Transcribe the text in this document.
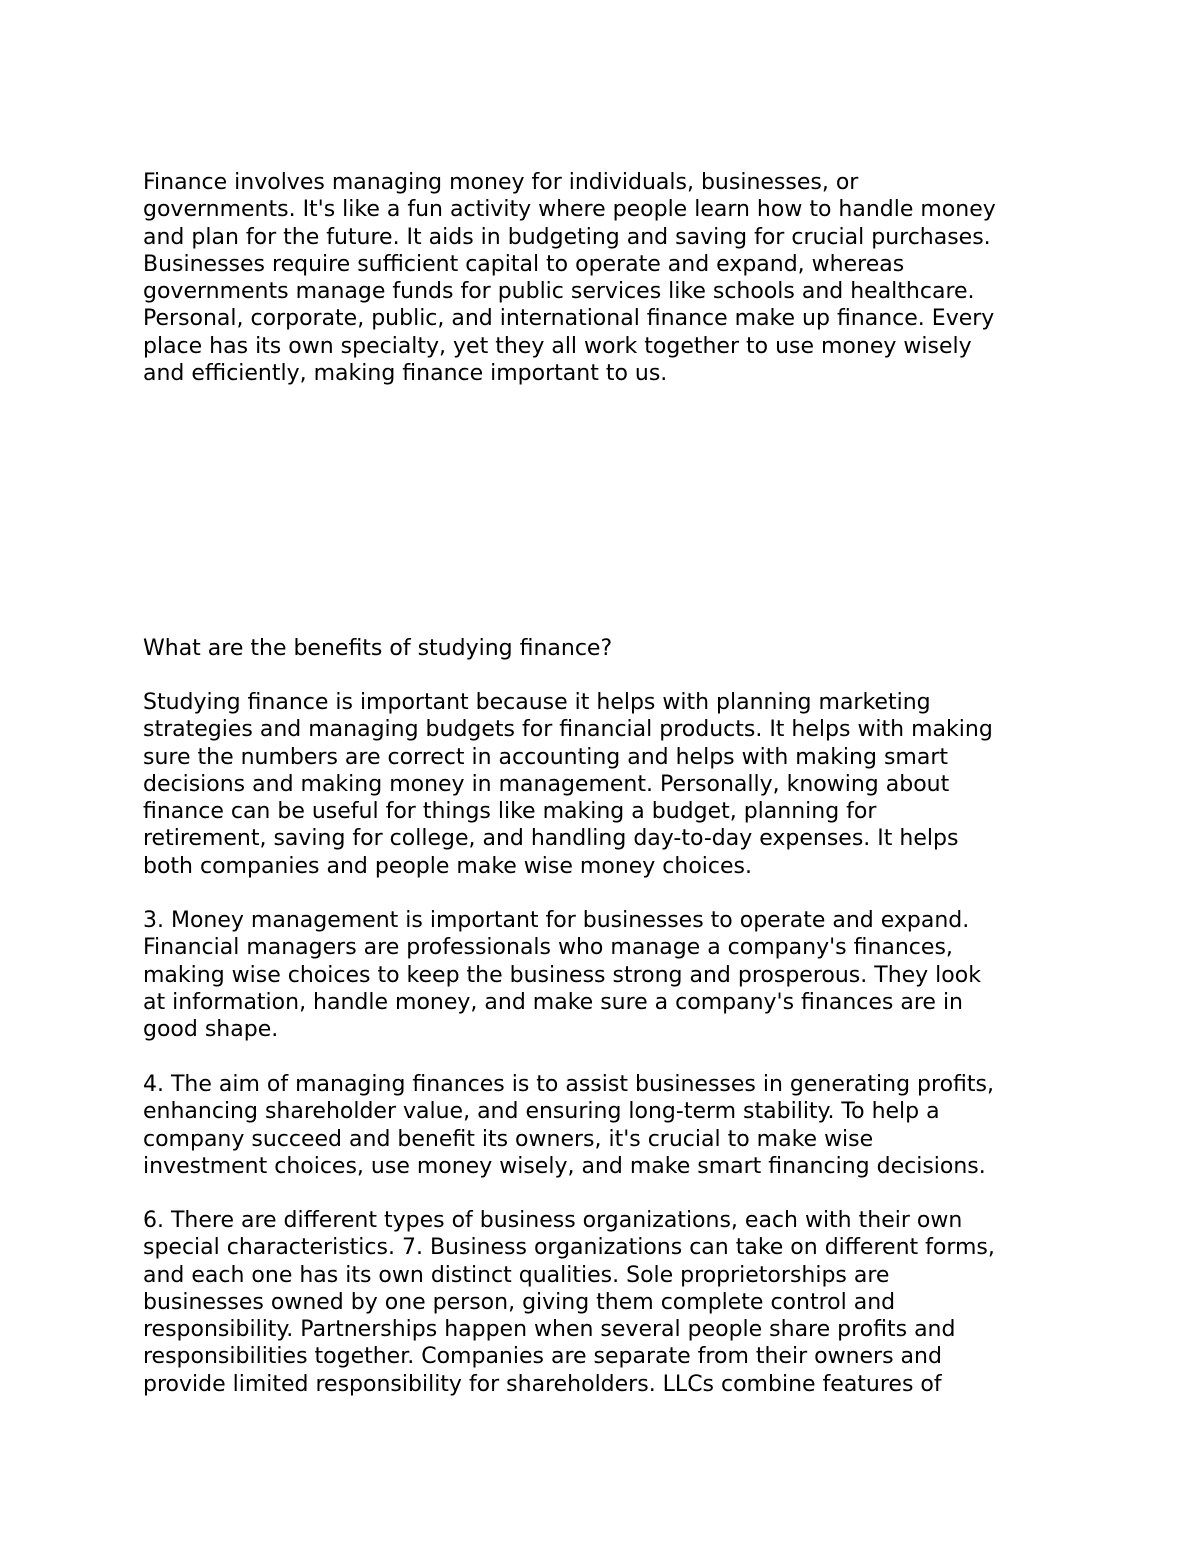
Finance involves managing money for individuals, businesses, or
governments. It's like a fun activity where people learn how to handle money
and plan for the future. It aids in budgeting and saving for crucial purchases.
Businesses require sufficient capital to operate and expand, whereas
governments manage funds for public services like schools and healthcare.
Personal, corporate, public, and international finance make up finance. Every
place has its own specialty, yet they all work together to use money wisely
and efficiently, making finance important to us.

What are the benefits of studying finance?

Studying finance is important because it helps with planning marketing
strategies and managing budgets for financial products. It helps with making
sure the numbers are correct in accounting and helps with making smart
decisions and making money in management. Personally, knowing about
finance can be useful for things like making a budget, planning for
retirement, saving for college, and handling day-to-day expenses. It helps
both companies and people make wise money choices.

3. Money management is important for businesses to operate and expand.
Financial managers are professionals who manage a company's finances,
making wise choices to keep the business strong and prosperous. They look
at information, handle money, and make sure a company's finances are in
good shape.

4. The aim of managing finances is to assist businesses in generating profits,
enhancing shareholder value, and ensuring long-term stability. To help a
company succeed and benefit its owners, it's crucial to make wise
investment choices, use money wisely, and make smart financing decisions.

6. There are different types of business organizations, each with their own
special characteristics. 7. Business organizations can take on different forms,
and each one has its own distinct qualities. Sole proprietorships are
businesses owned by one person, giving them complete control and
responsibility. Partnerships happen when several people share profits and
responsibilities together. Companies are separate from their owners and
provide limited responsibility for shareholders. LLCs combine features of
